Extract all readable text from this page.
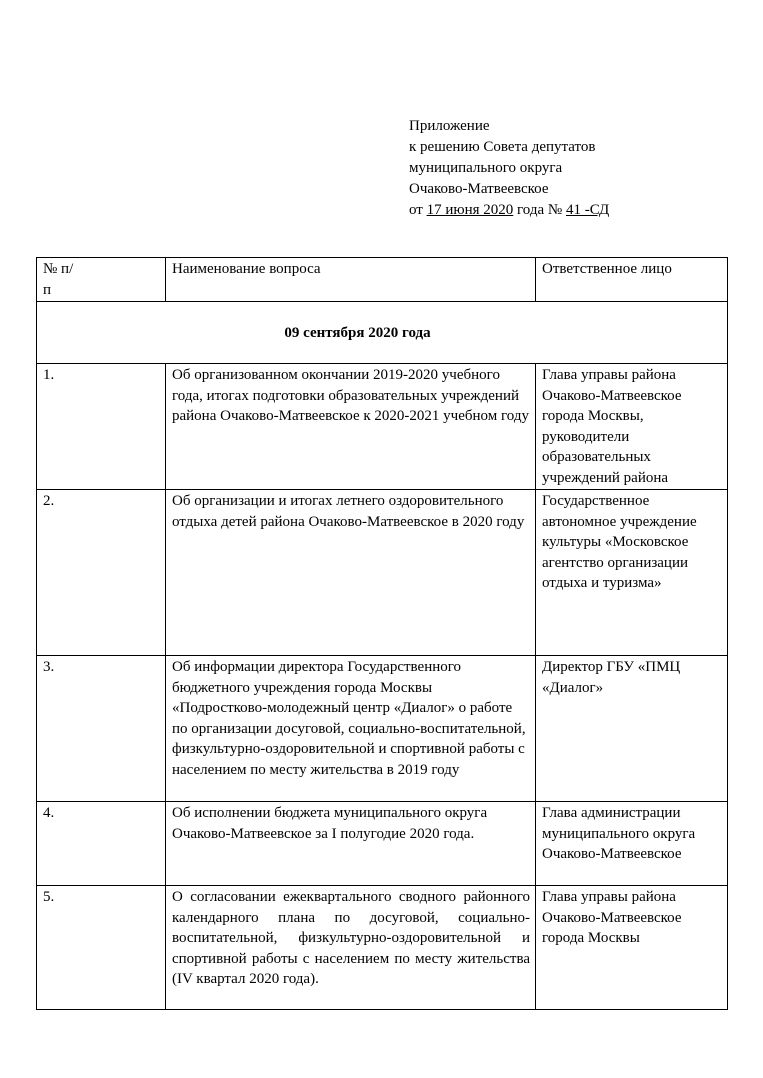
Приложение
к решению Совета депутатов
муниципального округа
Очаково-Матвеевское
от 17 июня 2020 года № 41 -СД
№ п/п	Наименование вопроса	Ответственное лицо

09 сентября 2020 года		

1.	Об организованном окончании 2019-2020 учебного года, итогах подготовки образовательных учреждений района Очаково-Матвеевское к 2020-2021 учебном году	Глава управы района Очаково-Матвеевское города Москвы, руководители образовательных учреждений района
2.	Об организации и итогах летнего оздоровительного отдыха детей района Очаково-Матвеевское в 2020 году	Государственное автономное учреждение культуры «Московское агентство организации отдыха и туризма»
3.	Об информации директора Государственного бюджетного учреждения города Москвы «Подростково-молодежный центр «Диалог» о работе по организации досуговой, социально-воспитательной, физкультурно-оздоровительной и спортивной работы с населением по месту жительства в 2019 году	Директор ГБУ «ПМЦ «Диалог»
4.	Об исполнении бюджета муниципального округа Очаково-Матвеевское за I полугодие 2020 года.	Глава администрации муниципального округа Очаково-Матвеевское
5.	О согласовании ежеквартального сводного районного календарного плана по досуговой, социально-воспитательной, физкультурно-оздоровительной и спортивной работы с населением по месту жительства (IV квартал 2020 года).	Глава управы района Очаково-Матвеевское города Москвы
